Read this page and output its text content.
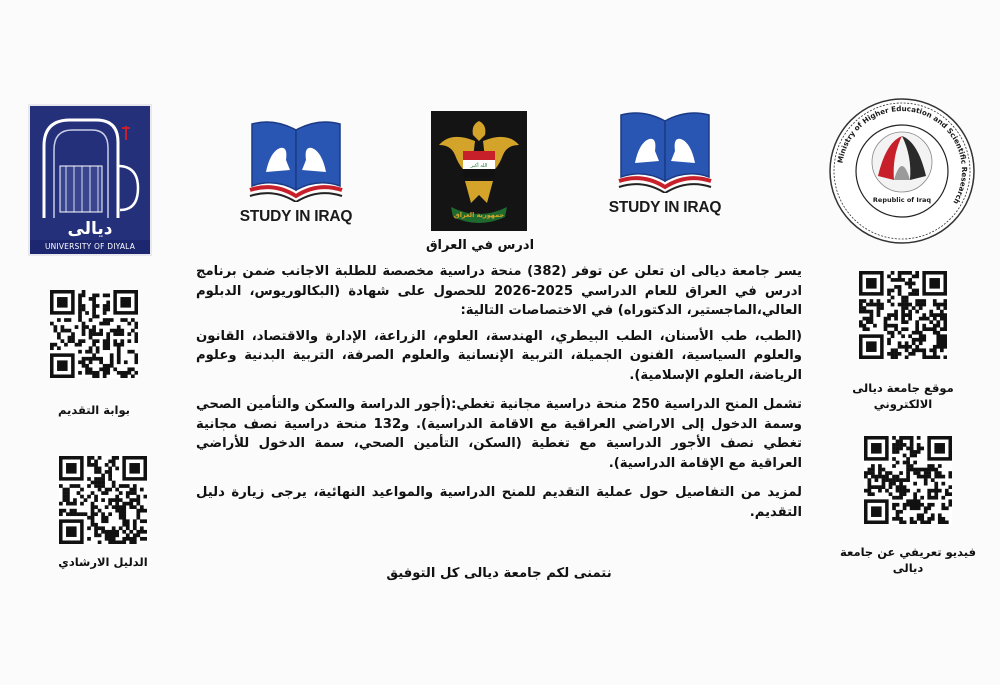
ديالى
UNIVERSITY OF DIYALA
STUDY IN IRAQ
الله أكبر
جمهورية العراق	STUDY IN IRAQ
Ministry of Higher Education and Scientific Research
Republic of Iraq
ادرس في العراق

يسر جامعة ديالى ان تعلن عن توفر (382) منحة دراسية مخصصة للطلبة الاجانب ضمن برنامج ادرس في العراق للعام الدراسي 2025-2026 للحصول على شهادة (البكالوريوس، الدبلوم العالي،الماجستير، الدكتوراه) في الاختصاصات التالية:

(الطب، طب الأسنان، الطب البيطري، الهندسة، العلوم، الزراعة، الإدارة والاقتصاد، القانون والعلوم السياسية، الفنون الجميلة، التربية الإنسانية والعلوم الصرفة، التربية البدنية وعلوم الرياضة، العلوم الإسلامية).

تشمل المنح الدراسية 250 منحة دراسية مجانية تغطي:(أجور الدراسة والسكن والتأمين الصحي وسمة الدخول إلى الاراضي العراقية مع الاقامة الدراسية). و132 منحة دراسية نصف مجانية تغطي نصف الأجور الدراسية مع تغطية (السكن، التأمين الصحي، سمة الدخول للأراضي العراقية مع الإقامة الدراسية).

لمزيد من التفاصيل حول عملية التقديم للمنح الدراسية والمواعيد النهائية، يرجى زيارة دليل التقديم.

نتمنى لكم جامعة ديالى كل التوفيق
بوابة التقديم
الدليل الارشادي
موقع جامعة ديالى الالكتروني
فيديو تعريفي عن جامعة ديالى
